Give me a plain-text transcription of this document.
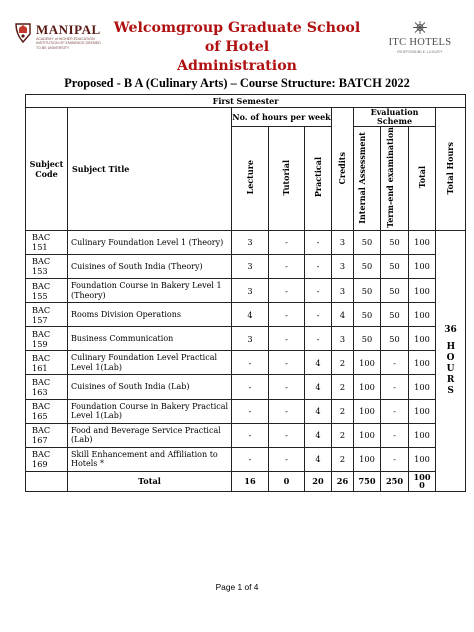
MANIPAL
ACADEMY of HIGHER EDUCATION
INSTITUTION OF EMINENCE DEEMED TO BE UNIVERSITY
Welcomgroup Graduate School of Hotel
Administration
ITC HOTELS
RESPONSIBLE LUXURY
Proposed - B A (Culinary Arts) – Course Structure: BATCH 2022
First Semester									
Subject Code	Subject Title	No. of hours per week			Credits	Evaluation Scheme			Total Hours
		Lecture	Tutorial	Practical		Internal Assessment	Term-end examination	Total	
BAC 151	Culinary Foundation Level 1 (Theory)	3	-	-	3	50	50	100	36
HOURS

BAC 153	Cuisines of South India (Theory)	3	-	-	3	50	50	100	
BAC 155	Foundation Course in Bakery Level 1 (Theory)	3	-	-	3	50	50	100	
BAC 157	Rooms Division Operations	4	-	-	4	50	50	100	
BAC 159	Business Communication	3	-	-	3	50	50	100	
BAC 161	Culinary Foundation Level Practical Level 1(Lab)	-	-	4	2	100	-	100	
BAC 163	Cuisines of South India (Lab)	-	-	4	2	100	-	100	
BAC 165	Foundation Course in Bakery Practical Level 1(Lab)	-	-	4	2	100	-	100	
BAC 167	Food and Beverage Service Practical (Lab)	-	-	4	2	100	-	100	
BAC 169	Skill Enhancement and Affiliation to Hotels *	-	-	4	2	100	-	100	
	Total	16	0	20	26	750	250	1000	
Page 1 of 4
